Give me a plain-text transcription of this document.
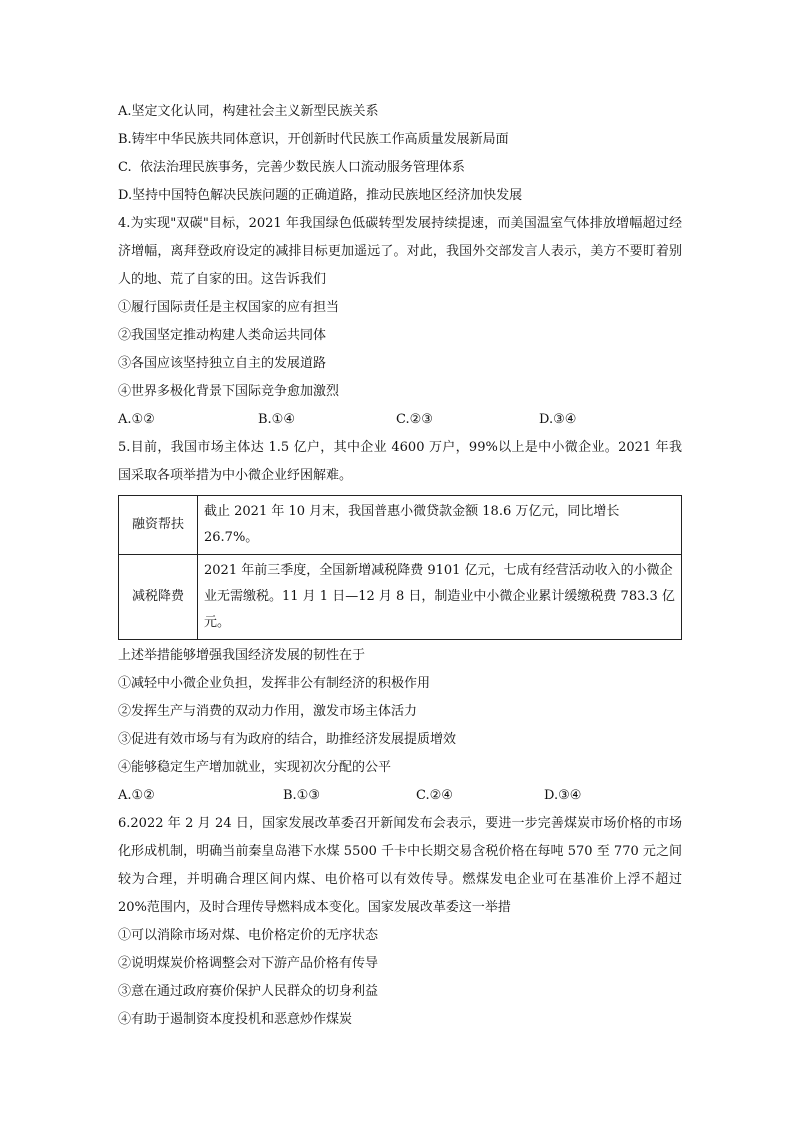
A.坚定文化认同，构建社会主义新型民族关系
B.铸牢中华民族共同体意识，开创新时代民族工作高质量发展新局面
C.  依法治理民族事务，完善少数民族人口流动服务管理体系
D.坚持中国特色解决民族问题的正确道路，推动民族地区经济加快发展
4.为实现"双碳"目标，2021 年我国绿色低碳转型发展持续提速，而美国温室气体排放增幅超过经济增幅，离拜登政府设定的减排目标更加遥远了。对此，我国外交部发言人表示，美方不要盯着别人的地、荒了自家的田。这告诉我们
①履行国际责任是主权国家的应有担当
②我国坚定推动构建人类命运共同体
③各国应该坚持独立自主的发展道路
④世界多极化背景下国际竞争愈加激烈
A.①②	B.①④	C.②③	D.③④
5.目前，我国市场主体达 1.5 亿户，其中企业 4600 万户，99%以上是中小微企业。2021 年我国采取各项举措为中小微企业纾困解难。
融资帮扶	截止 2021 年 10 月末，我国普惠小微贷款金额 18.6 万亿元，同比增长 26.7%。
减税降费	2021 年前三季度，全国新增减税降费 9101 亿元，七成有经营活动收入的小微企业无需缴税。11 月 1 日—12 月 8 日，制造业中小微企业累计缓缴税费 783.3 亿元。
上述举措能够增强我国经济发展的韧性在于
①减轻中小微企业负担，发挥非公有制经济的积极作用
②发挥生产与消费的双动力作用，激发市场主体活力
③促进有效市场与有为政府的结合，助推经济发展提质增效
④能够稳定生产增加就业，实现初次分配的公平
A.①②	B.①③	C.②④	D.③④
6.2022 年 2 月 24 日，国家发展改革委召开新闻发布会表示，要进一步完善煤炭市场价格的市场化形成机制，明确当前秦皇岛港下水煤 5500 千卡中长期交易含税价格在每吨 570 至 770 元之间较为合理，并明确合理区间内煤、电价格可以有效传导。燃煤发电企业可在基准价上浮不超过 20%范围内，及时合理传导燃料成本变化。国家发展改革委这一举措
①可以消除市场对煤、电价格定价的无序状态
②说明煤炭价格调整会对下游产品价格有传导
③意在通过政府赛价保护人民群众的切身利益
④有助于遏制资本度投机和恶意炒作煤炭
